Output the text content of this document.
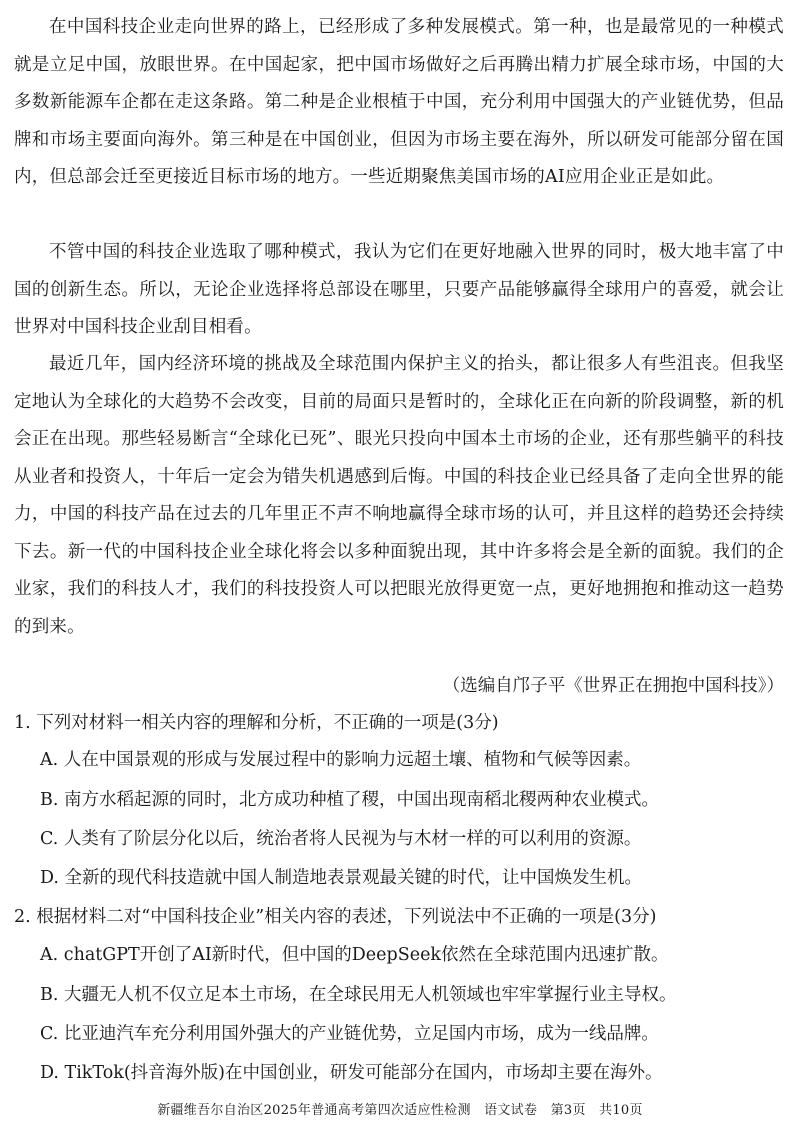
在中国科技企业走向世界的路上，已经形成了多种发展模式。第一种，也是最常见的一种模式就是立足中国，放眼世界。在中国起家，把中国市场做好之后再腾出精力扩展全球市场，中国的大多数新能源车企都在走这条路。第二种是企业根植于中国，充分利用中国强大的产业链优势，但品牌和市场主要面向海外。第三种是在中国创业，但因为市场主要在海外，所以研发可能部分留在国内，但总部会迁至更接近目标市场的地方。一些近期聚焦美国市场的AI应用企业正是如此。
不管中国的科技企业选取了哪种模式，我认为它们在更好地融入世界的同时，极大地丰富了中国的创新生态。所以，无论企业选择将总部设在哪里，只要产品能够赢得全球用户的喜爱，就会让世界对中国科技企业刮目相看。
最近几年，国内经济环境的挑战及全球范围内保护主义的抬头，都让很多人有些沮丧。但我坚定地认为全球化的大趋势不会改变，目前的局面只是暂时的，全球化正在向新的阶段调整，新的机会正在出现。那些轻易断言“全球化已死”、眼光只投向中国本土市场的企业，还有那些躺平的科技从业者和投资人，十年后一定会为错失机遇感到后悔。中国的科技企业已经具备了走向全世界的能力，中国的科技产品在过去的几年里正不声不响地赢得全球市场的认可，并且这样的趋势还会持续下去。新一代的中国科技企业全球化将会以多种面貌出现，其中许多将会是全新的面貌。我们的企业家，我们的科技人才，我们的科技投资人可以把眼光放得更宽一点，更好地拥抱和推动这一趋势的到来。
（选编自邝子平《世界正在拥抱中国科技》）
1. 下列对材料一相关内容的理解和分析，不正确的一项是(3分)
A. 人在中国景观的形成与发展过程中的影响力远超土壤、植物和气候等因素。
B. 南方水稻起源的同时，北方成功种植了稷，中国出现南稻北稷两种农业模式。
C. 人类有了阶层分化以后，统治者将人民视为与木材一样的可以利用的资源。
D. 全新的现代科技造就中国人制造地表景观最关键的时代，让中国焕发生机。
2. 根据材料二对“中国科技企业”相关内容的表述，下列说法中不正确的一项是(3分)
A. chatGPT开创了AI新时代，但中国的DeepSeek依然在全球范围内迅速扩散。
B. 大疆无人机不仅立足本土市场，在全球民用无人机领域也牢牢掌握行业主导权。
C. 比亚迪汽车充分利用国外强大的产业链优势，立足国内市场，成为一线品牌。
D. TikTok(抖音海外版)在中国创业，研发可能部分在国内，市场却主要在海外。
新疆维吾尔自治区2025年普通高考第四次适应性检测　语文试卷　第3页　共10页
